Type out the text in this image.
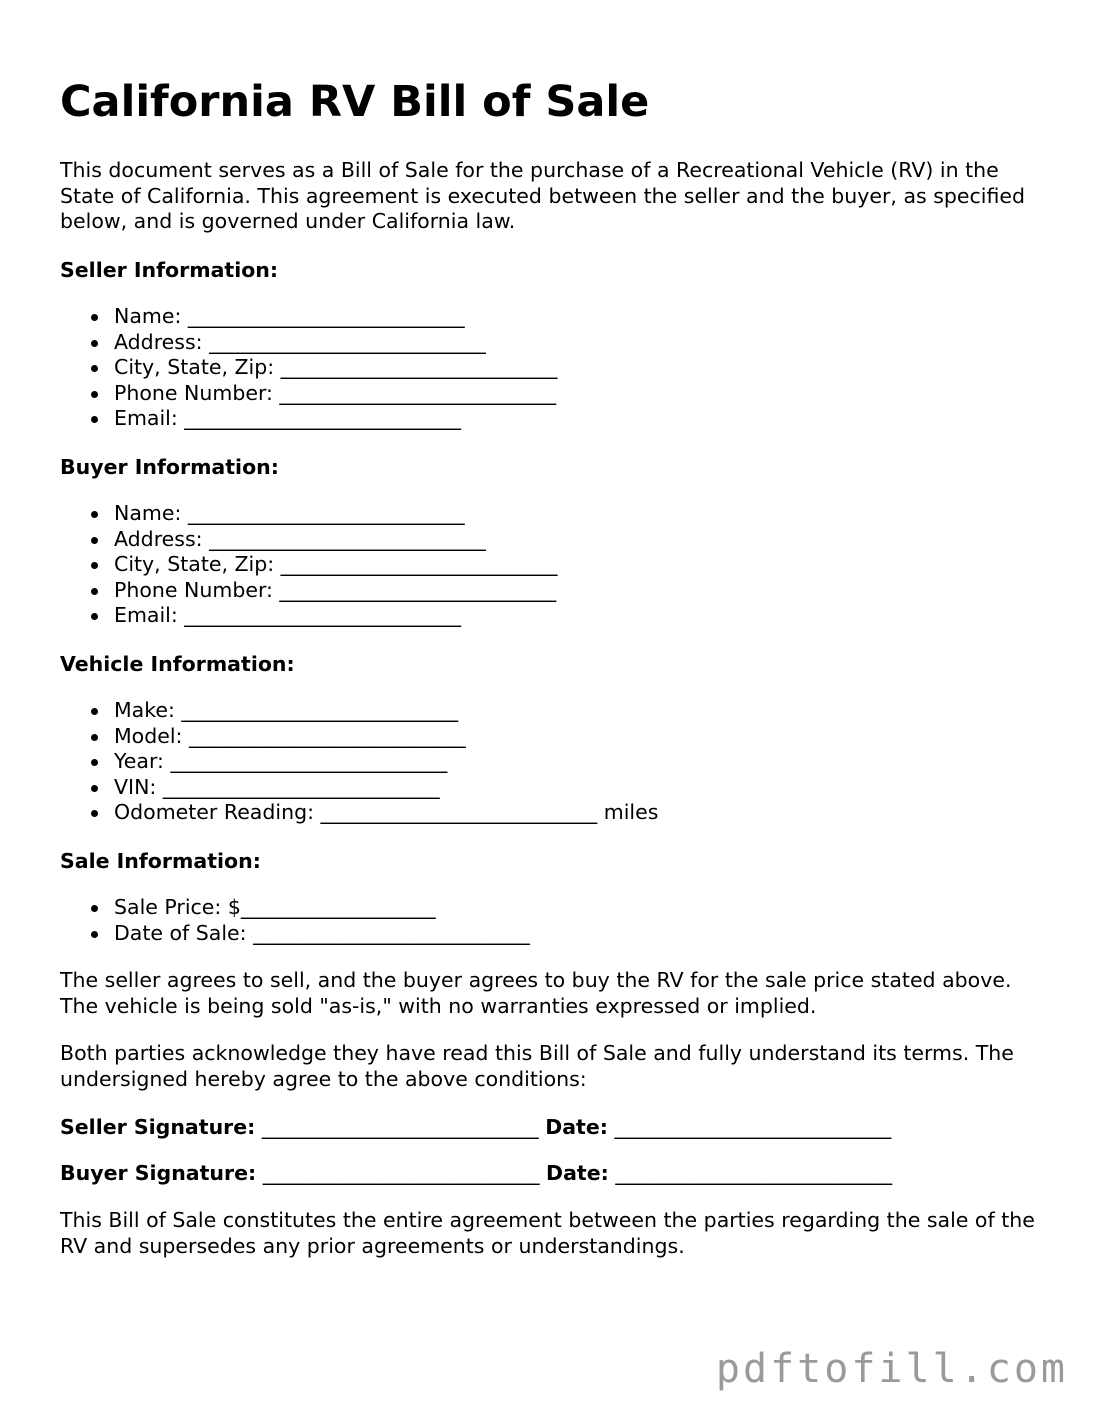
California RV Bill of Sale

This document serves as a Bill of Sale for the purchase of a Recreational Vehicle (RV) in the State of California. This agreement is executed between the seller and the buyer, as specified below, and is governed under California law.

Seller Information:

Name: ___________________________
Address: ___________________________
City, State, Zip: ___________________________
Phone Number: ___________________________
Email: ___________________________

Buyer Information:

Name: ___________________________
Address: ___________________________
City, State, Zip: ___________________________
Phone Number: ___________________________
Email: ___________________________

Vehicle Information:

Make: ___________________________
Model: ___________________________
Year: ___________________________
VIN: ___________________________
Odometer Reading: ___________________________ miles

Sale Information:

Sale Price: $___________________
Date of Sale: ___________________________

The seller agrees to sell, and the buyer agrees to buy the RV for the sale price stated above. The vehicle is being sold "as-is," with no warranties expressed or implied.

Both parties acknowledge they have read this Bill of Sale and fully understand its terms. The undersigned hereby agree to the above conditions:

Seller Signature: ___________________________ Date: ___________________________

Buyer Signature: ___________________________ Date: ___________________________

This Bill of Sale constitutes the entire agreement between the parties regarding the sale of the RV and supersedes any prior agreements or understandings.

pdftofill.com
